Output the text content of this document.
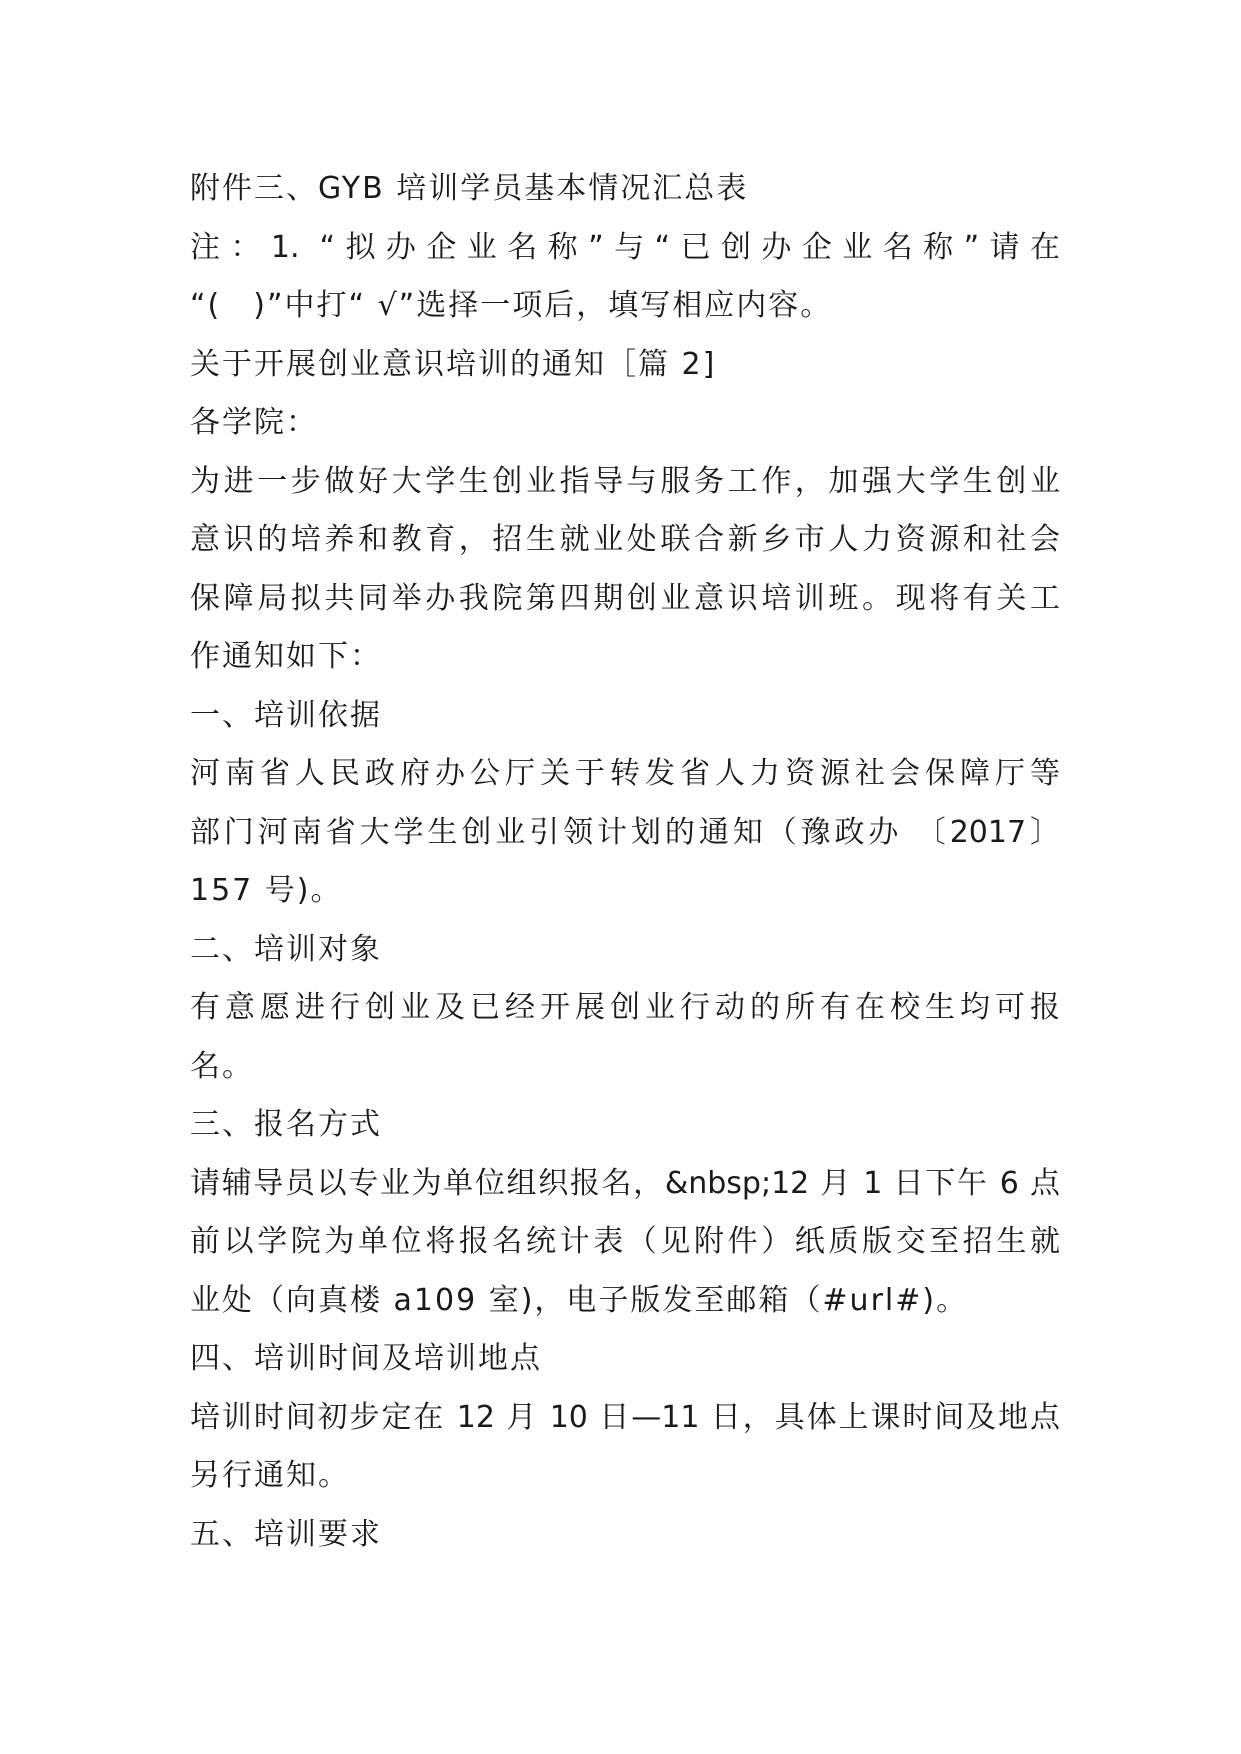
附件三、GYB 培训学员基本情况汇总表
注：1. “拟办企业名称”与“已创办企业名称”请在
“(　)”中打“ √”选择一项后，填写相应内容。
关于开展创业意识培训的通知［篇 2]
各学院：
为进一步做好大学生创业指导与服务工作，加强大学生创业
意识的培养和教育，招生就业处联合新乡市人力资源和社会
保障局拟共同举办我院第四期创业意识培训班。现将有关工
作通知如下：
一、培训依据
河南省人民政府办公厅关于转发省人力资源社会保障厅等
部门河南省大学生创业引领计划的通知（豫政办 〔2017〕
157 号)。
二、培训对象
有意愿进行创业及已经开展创业行动的所有在校生均可报
名。
三、报名方式
请辅导员以专业为单位组织报名，&nbsp;12 月 1 日下午 6 点
前以学院为单位将报名统计表（见附件）纸质版交至招生就
业处（向真楼 a109 室)，电子版发至邮箱（#url#)。
四、培训时间及培训地点
培训时间初步定在 12 月 10 日—11 日，具体上课时间及地点
另行通知。
五、培训要求
